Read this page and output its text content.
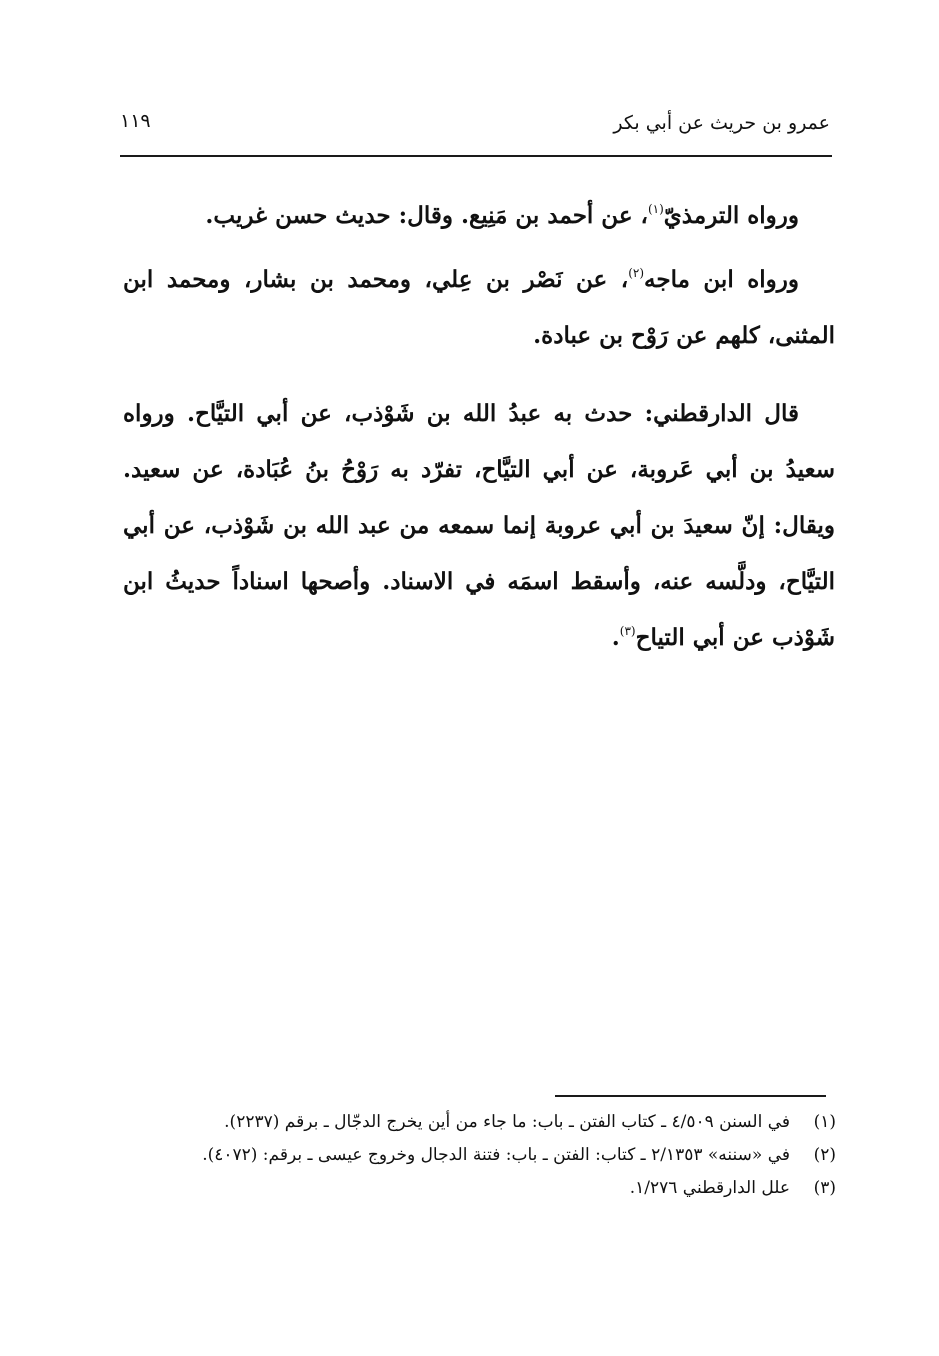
عمرو بن حريث عن أبي بكر
١١٩

ورواه الترمذيّ$^{(١)}$، عن أحمد بن مَنِيع. وقال: حديث حسن غريب.

ورواه ابن ماجه$^{(٢)}$، عن نَصْر بن عِلي، ومحمد بن بشار، ومحمد ابن المثنى، كلهم عن رَوْح بن عبادة.

قال الدارقطني: حدث به عبدُ الله بن شَوْذب، عن أبي التيَّاح. ورواه سعيدُ بن أبي عَروبة، عن أبي التيَّاح، تفرّد به رَوْحُ بنُ عُبَادة، عن سعيد. ويقال: إنّ سعيدَ بن أبي عروبة إنما سمعه من عبد الله بن شَوْذب، عن أبي التيَّاح، ودلَّسه عنه، وأسقط اسمَه في الاسناد. وأصحها اسناداً حديثُ ابن شَوْذب عن أبي التياح$^{(٣)}$.

(١)
في السنن ٤/٥٠٩ ـ كتاب الفتن ـ باب: ما جاء من أين يخرج الدجّال ـ برقم (٢٢٣٧).
(٢)
في «سننه» ٢/١٣٥٣ ـ كتاب: الفتن ـ باب: فتنة الدجال وخروج عيسى ـ برقم: (٤٠٧٢).
(٣)
علل الدارقطني ١/٢٧٦.
